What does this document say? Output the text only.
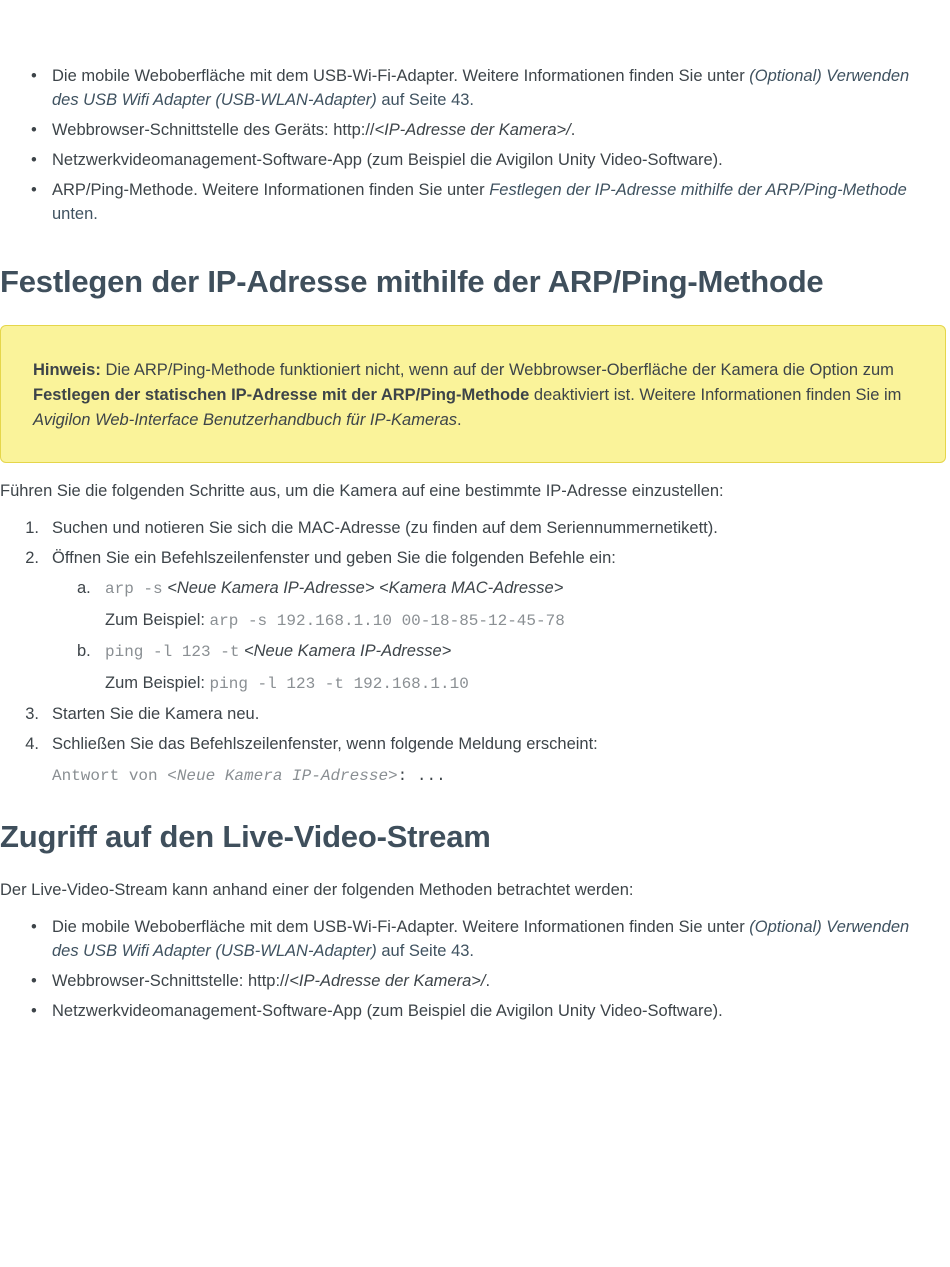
• Die mobile Weboberfläche mit dem USB-Wi-Fi-Adapter. Weitere Informationen finden Sie unter (Optional) Verwenden
des USB Wifi Adapter (USB-WLAN-Adapter) auf Seite 43.
• Webbrowser-Schnittstelle des Geräts: http://<IP-Adresse der Kamera>/.
• Netzwerkvideomanagement-Software-App (zum Beispiel die Avigilon Unity Video-Software).
• ARP/Ping-Methode. Weitere Informationen finden Sie unter Festlegen der IP-Adresse mithilfe der ARP/Ping-Methode
unten.
Festlegen der IP-Adresse mithilfe der ARP/Ping-Methode
Hinweis: Die ARP/Ping-Methode funktioniert nicht, wenn auf der Webbrowser-Oberfläche der Kamera die Option zum Festlegen der statischen IP-Adresse mit der ARP/Ping-Methode deaktiviert ist. Weitere Informationen finden Sie im Avigilon Web-Interface Benutzerhandbuch für IP-Kameras.
Führen Sie die folgenden Schritte aus, um die Kamera auf eine bestimmte IP-Adresse einzustellen:
1. Suchen und notieren Sie sich die MAC-Adresse (zu finden auf dem Seriennummernetikett).
2. Öffnen Sie ein Befehlszeilenfenster und geben Sie die folgenden Befehle ein:
a. arp -s <Neue Kamera IP-Adresse> <Kamera MAC-Adresse>
Zum Beispiel: arp -s 192.168.1.10 00-18-85-12-45-78
b. ping -l 123 -t <Neue Kamera IP-Adresse>
Zum Beispiel: ping -l 123 -t 192.168.1.10
3. Starten Sie die Kamera neu.
4. Schließen Sie das Befehlszeilenfenster, wenn folgende Meldung erscheint:
Antwort von <Neue Kamera IP-Adresse>: ...
Zugriff auf den Live-Video-Stream
Der Live-Video-Stream kann anhand einer der folgenden Methoden betrachtet werden:
• Die mobile Weboberfläche mit dem USB-Wi-Fi-Adapter. Weitere Informationen finden Sie unter (Optional) Verwenden
des USB Wifi Adapter (USB-WLAN-Adapter) auf Seite 43.
• Webbrowser-Schnittstelle: http://<IP-Adresse der Kamera>/.
• Netzwerkvideomanagement-Software-App (zum Beispiel die Avigilon Unity Video-Software).
